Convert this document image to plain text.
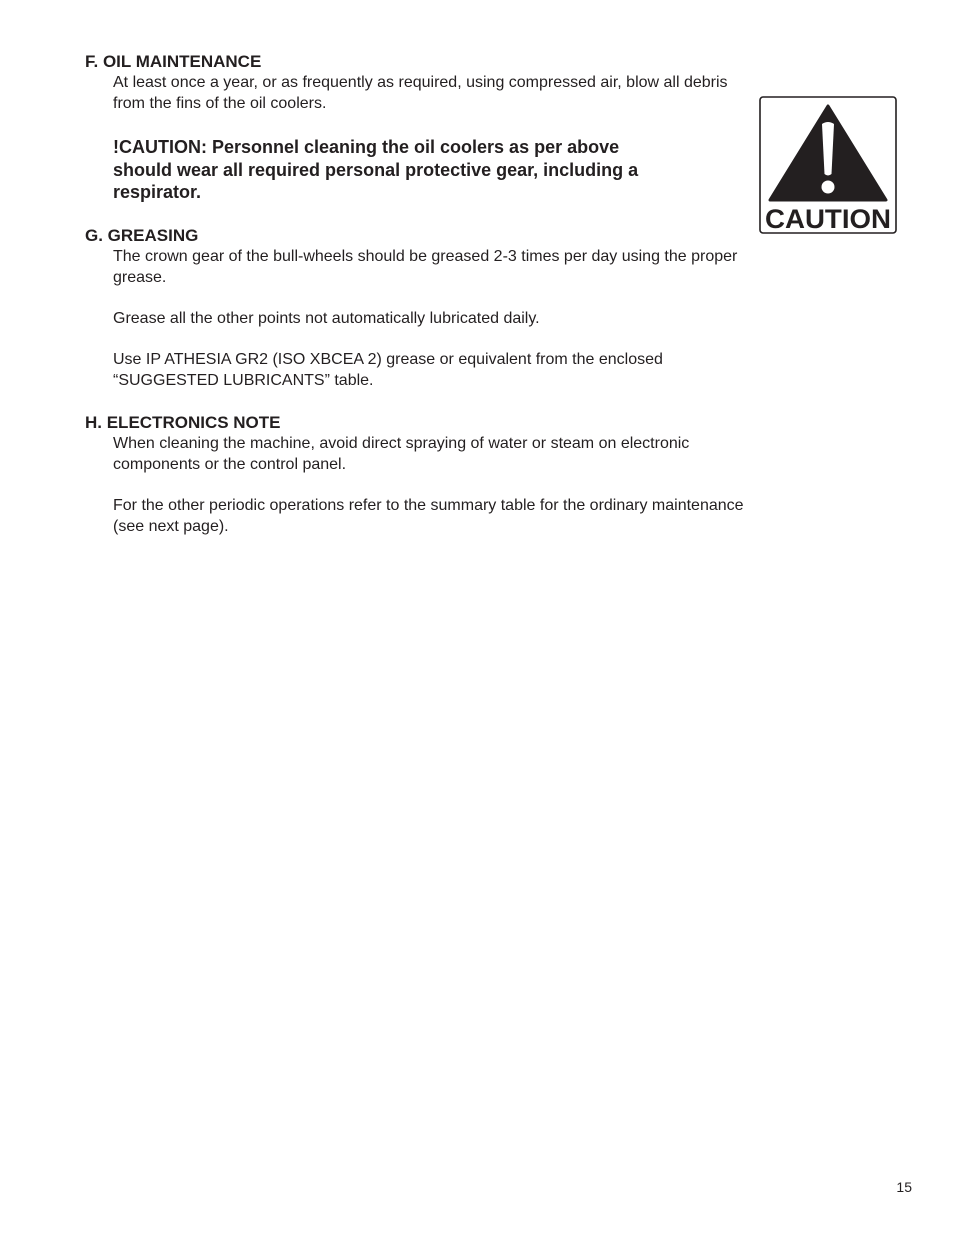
F. OIL MAINTENANCE

At least once a year, or as frequently as required, using compressed air, blow all debris from the fins of the oil coolers.

!CAUTION: Personnel cleaning the oil coolers as per above should wear all required personal protective gear, including a respirator.

G. GREASING

The crown gear of the bull-wheels should be greased 2-3 times per day using the proper grease.

Grease all the other points not automatically lubricated daily.

Use IP ATHESIA GR2 (ISO XBCEA 2) grease or equivalent from the enclosed “SUGGESTED LUBRICANTS” table.

H. ELECTRONICS NOTE

When cleaning the machine, avoid direct spraying of water or steam on electronic components or the control panel.

For the other periodic operations refer to the summary table for the ordinary maintenance (see next page).

CAUTION
15
